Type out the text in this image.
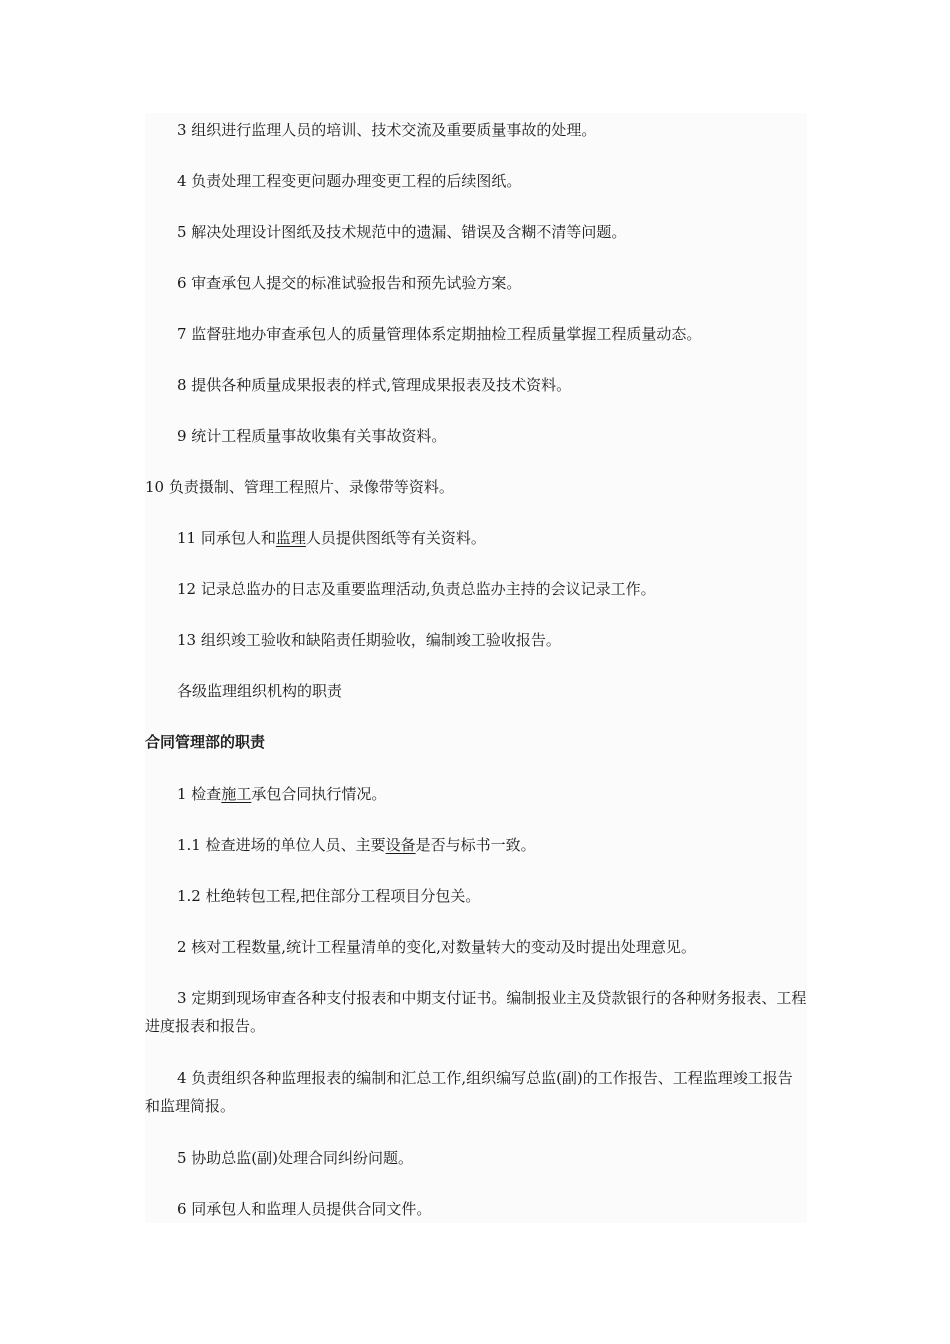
3 组织进行监理人员的培训、技术交流及重要质量事故的处理。

4 负责处理工程变更问题办理变更工程的后续图纸。

5 解决处理设计图纸及技术规范中的遗漏、错误及含糊不清等问题。

6 审查承包人提交的标准试验报告和预先试验方案。

7 监督驻地办审查承包人的质量管理体系定期抽检工程质量掌握工程质量动态。

8 提供各种质量成果报表的样式,管理成果报表及技术资料。

9 统计工程质量事故收集有关事故资料。

10 负责摄制、管理工程照片、录像带等资料。

11 同承包人和监理人员提供图纸等有关资料。

12 记录总监办的日志及重要监理活动,负责总监办主持的会议记录工作。

13 组织竣工验收和缺陷责任期验收，编制竣工验收报告。

各级监理组织机构的职责

合同管理部的职责

1 检查施工承包合同执行情况。

1.1 检查进场的单位人员、主要设备是否与标书一致。

1.2 杜绝转包工程,把住部分工程项目分包关。

2 核对工程数量,统计工程量清单的变化,对数量转大的变动及时提出处理意见。

3 定期到现场审查各种支付报表和中期支付证书。编制报业主及贷款银行的各种财务报表、工程进度报表和报告。

4 负责组织各种监理报表的编制和汇总工作,组织编写总监(副)的工作报告、工程监理竣工报告和监理简报。

5 协助总监(副)处理合同纠纷问题。

6 同承包人和监理人员提供合同文件。
